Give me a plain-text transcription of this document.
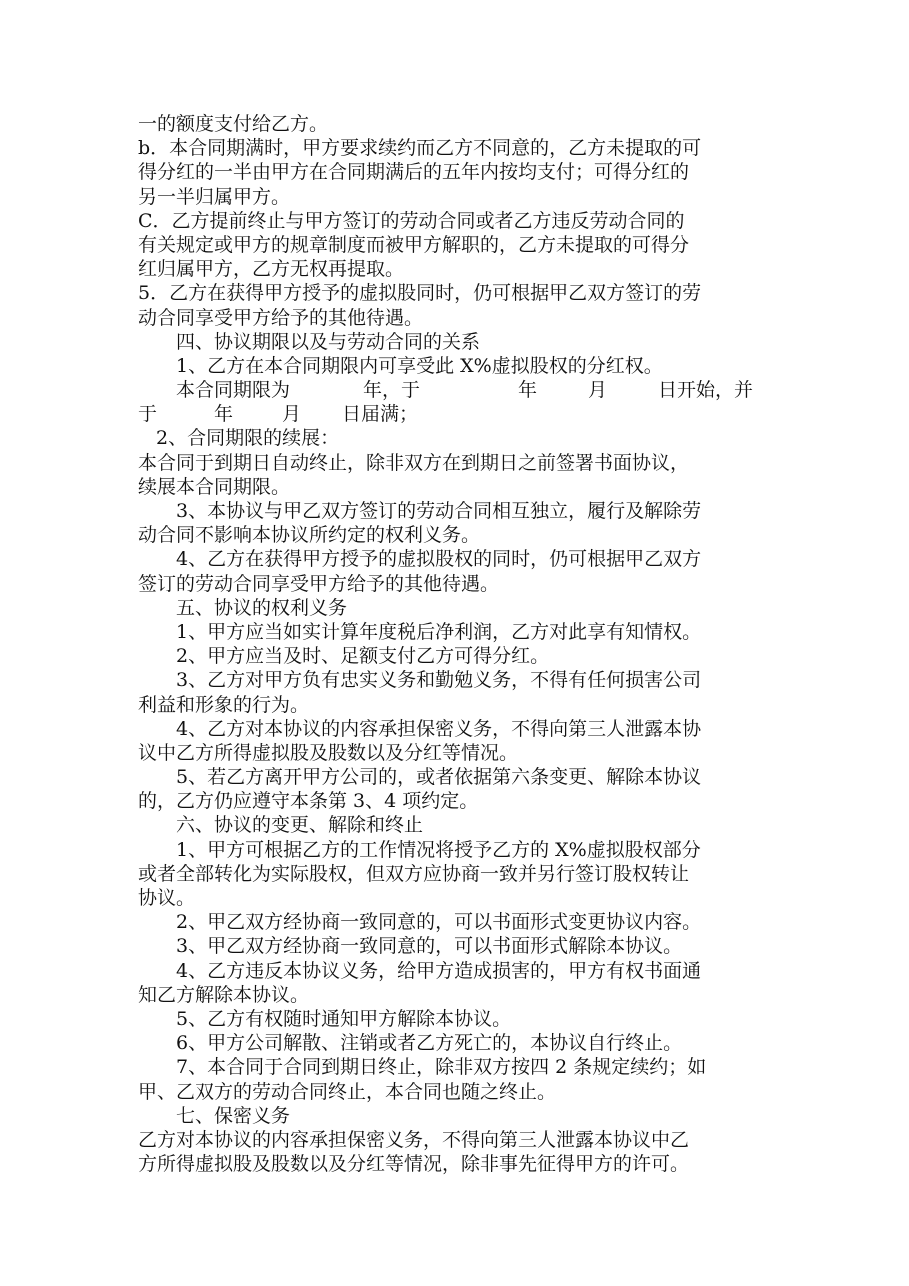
一的额度支付给乙方。
b．本合同期满时，甲方要求续约而乙方不同意的，乙方未提取的可
得分红的一半由甲方在合同期满后的五年内按均支付；可得分红的
另一半归属甲方。
C．乙方提前终止与甲方签订的劳动合同或者乙方违反劳动合同的
有关规定或甲方的规章制度而被甲方解职的，乙方未提取的可得分
红归属甲方，乙方无权再提取。
5．乙方在获得甲方授予的虚拟股同时，仍可根据甲乙双方签订的劳
动合同享受甲方给予的其他待遇。
四、协议期限以及与劳动合同的关系
1、乙方在本合同期限内可享受此 X%虚拟股权的分红权。
本合同期限为	年，于	年	月	日开始，并
于	年	月 日届满；
2、合同期限的续展：
本合同于到期日自动终止，除非双方在到期日之前签署书面协议，
续展本合同期限。
3、本协议与甲乙双方签订的劳动合同相互独立，履行及解除劳
动合同不影响本协议所约定的权利义务。
4、乙方在获得甲方授予的虚拟股权的同时，仍可根据甲乙双方
签订的劳动合同享受甲方给予的其他待遇。
五、协议的权利义务
1、甲方应当如实计算年度税后净利润，乙方对此享有知情权。
2、甲方应当及时、足额支付乙方可得分红。
3、乙方对甲方负有忠实义务和勤勉义务，不得有任何损害公司
利益和形象的行为。
4、乙方对本协议的内容承担保密义务，不得向第三人泄露本协
议中乙方所得虚拟股及股数以及分红等情况。
5、若乙方离开甲方公司的，或者依据第六条变更、解除本协议
的，乙方仍应遵守本条第 3、4 项约定。
六、协议的变更、解除和终止
1、甲方可根据乙方的工作情况将授予乙方的 X%虚拟股权部分
或者全部转化为实际股权，但双方应协商一致并另行签订股权转让
协议。
2、甲乙双方经协商一致同意的，可以书面形式变更协议内容。
3、甲乙双方经协商一致同意的，可以书面形式解除本协议。
4、乙方违反本协议义务，给甲方造成损害的，甲方有权书面通
知乙方解除本协议。
5、乙方有权随时通知甲方解除本协议。
6、甲方公司解散、注销或者乙方死亡的，本协议自行终止。
7、本合同于合同到期日终止，除非双方按四 2 条规定续约；如
甲、乙双方的劳动合同终止，本合同也随之终止。
七、保密义务
乙方对本协议的内容承担保密义务，不得向第三人泄露本协议中乙
方所得虚拟股及股数以及分红等情况，除非事先征得甲方的许可。
